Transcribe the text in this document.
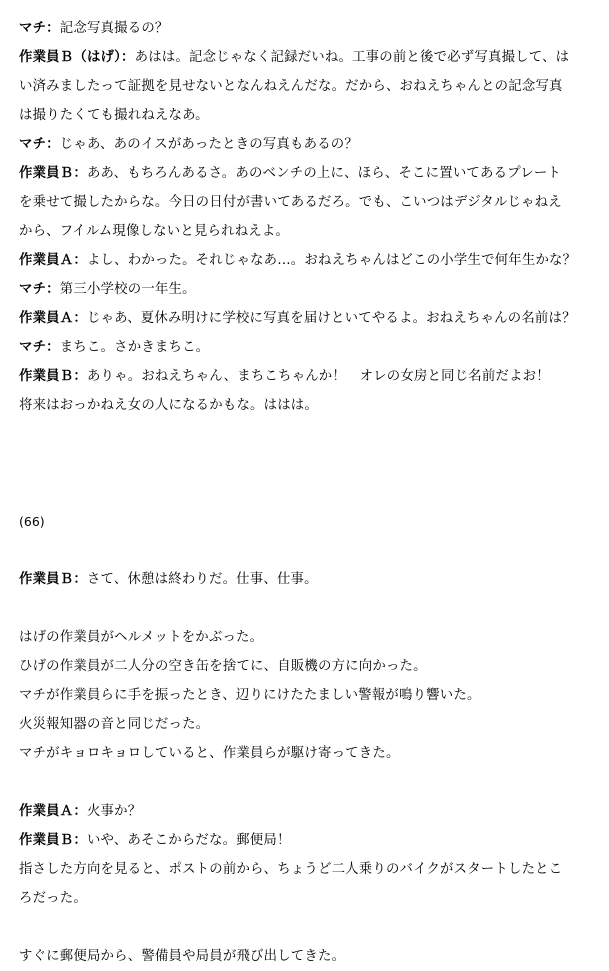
マチ：記念写真撮るの？
作業員Ｂ（はげ）：あはは。記念じゃなく記録だいね。工事の前と後で必ず写真撮して、は
い済みましたって証拠を見せないとなんねえんだな。だから、おねえちゃんとの記念写真
は撮りたくても撮れねえなあ。
マチ：じゃあ、あのイスがあったときの写真もあるの？
作業員Ｂ：ああ、もちろんあるさ。あのベンチの上に、ほら、そこに置いてあるプレート
を乗せて撮したからな。今日の日付が書いてあるだろ。でも、こいつはデジタルじゃねえ
から、フイルム現像しないと見られねえよ。
作業員Ａ：よし、わかった。それじゃなあ…。おねえちゃんはどこの小学生で何年生かな？
マチ：第三小学校の一年生。
作業員Ａ：じゃあ、夏休み明けに学校に写真を届けといてやるよ。おねえちゃんの名前は？
マチ：まちこ。さかきまちこ。
作業員Ｂ：ありゃ。おねえちゃん、まちこちゃんか！　オレの女房と同じ名前だよお！
将来はおっかねえ女の人になるかもな。ははは。
(66)
作業員Ｂ：さて、休憩は終わりだ。仕事、仕事。
はげの作業員がヘルメットをかぶった。
ひげの作業員が二人分の空き缶を捨てに、自販機の方に向かった。
マチが作業員らに手を振ったとき、辺りにけたたましい警報が鳴り響いた。
火災報知器の音と同じだった。
マチがキョロキョロしていると、作業員らが駆け寄ってきた。
作業員Ａ：火事か？
作業員Ｂ：いや、あそこからだな。郵便局！
指さした方向を見ると、ポストの前から、ちょうど二人乗りのバイクがスタートしたとこ
ろだった。
すぐに郵便局から、警備員や局員が飛び出してきた。
